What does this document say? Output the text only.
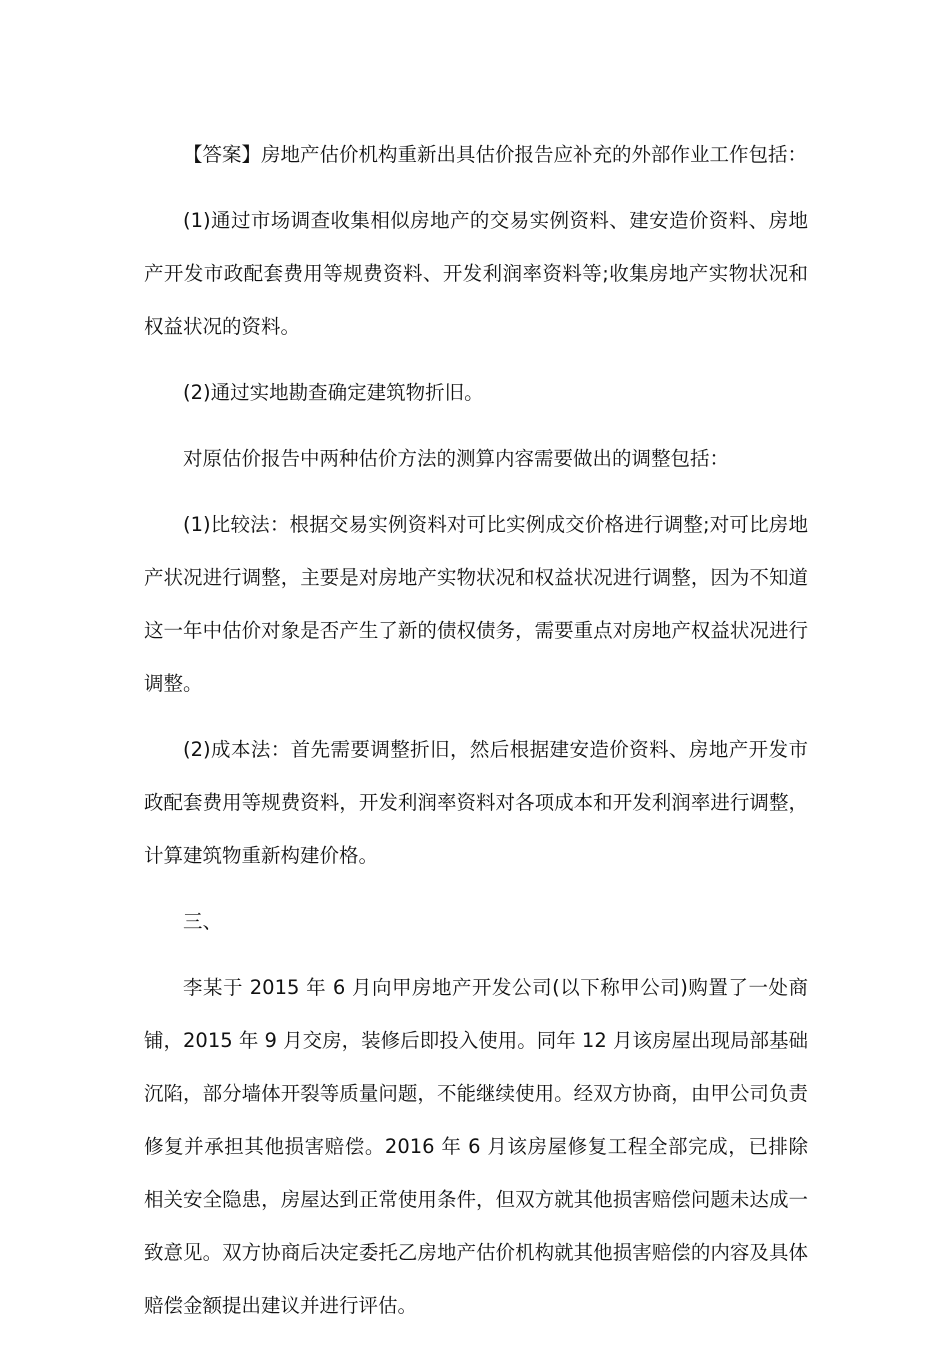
【答案】房地产估价机构重新出具估价报告应补充的外部作业工作包括：

(1)通过市场调查收集相似房地产的交易实例资料、建安造价资料、房地产开发市政配套费用等规费资料、开发利润率资料等;收集房地产实物状况和权益状况的资料。

(2)通过实地勘查确定建筑物折旧。

对原估价报告中两种估价方法的测算内容需要做出的调整包括：

(1)比较法：根据交易实例资料对可比实例成交价格进行调整;对可比房地产状况进行调整，主要是对房地产实物状况和权益状况进行调整，因为不知道这一年中估价对象是否产生了新的债权债务，需要重点对房地产权益状况进行调整。

(2)成本法：首先需要调整折旧，然后根据建安造价资料、房地产开发市政配套费用等规费资料，开发利润率资料对各项成本和开发利润率进行调整，计算建筑物重新构建价格。

三、

李某于 2015 年 6 月向甲房地产开发公司(以下称甲公司)购置了一处商铺，2015 年 9 月交房，装修后即投入使用。同年 12 月该房屋出现局部基础沉陷，部分墙体开裂等质量问题，不能继续使用。经双方协商，由甲公司负责修复并承担其他损害赔偿。2016 年 6 月该房屋修复工程全部完成，已排除相关安全隐患，房屋达到正常使用条件，但双方就其他损害赔偿问题未达成一致意见。双方协商后决定委托乙房地产估价机构就其他损害赔偿的内容及具体赔偿金额提出建议并进行评估。
